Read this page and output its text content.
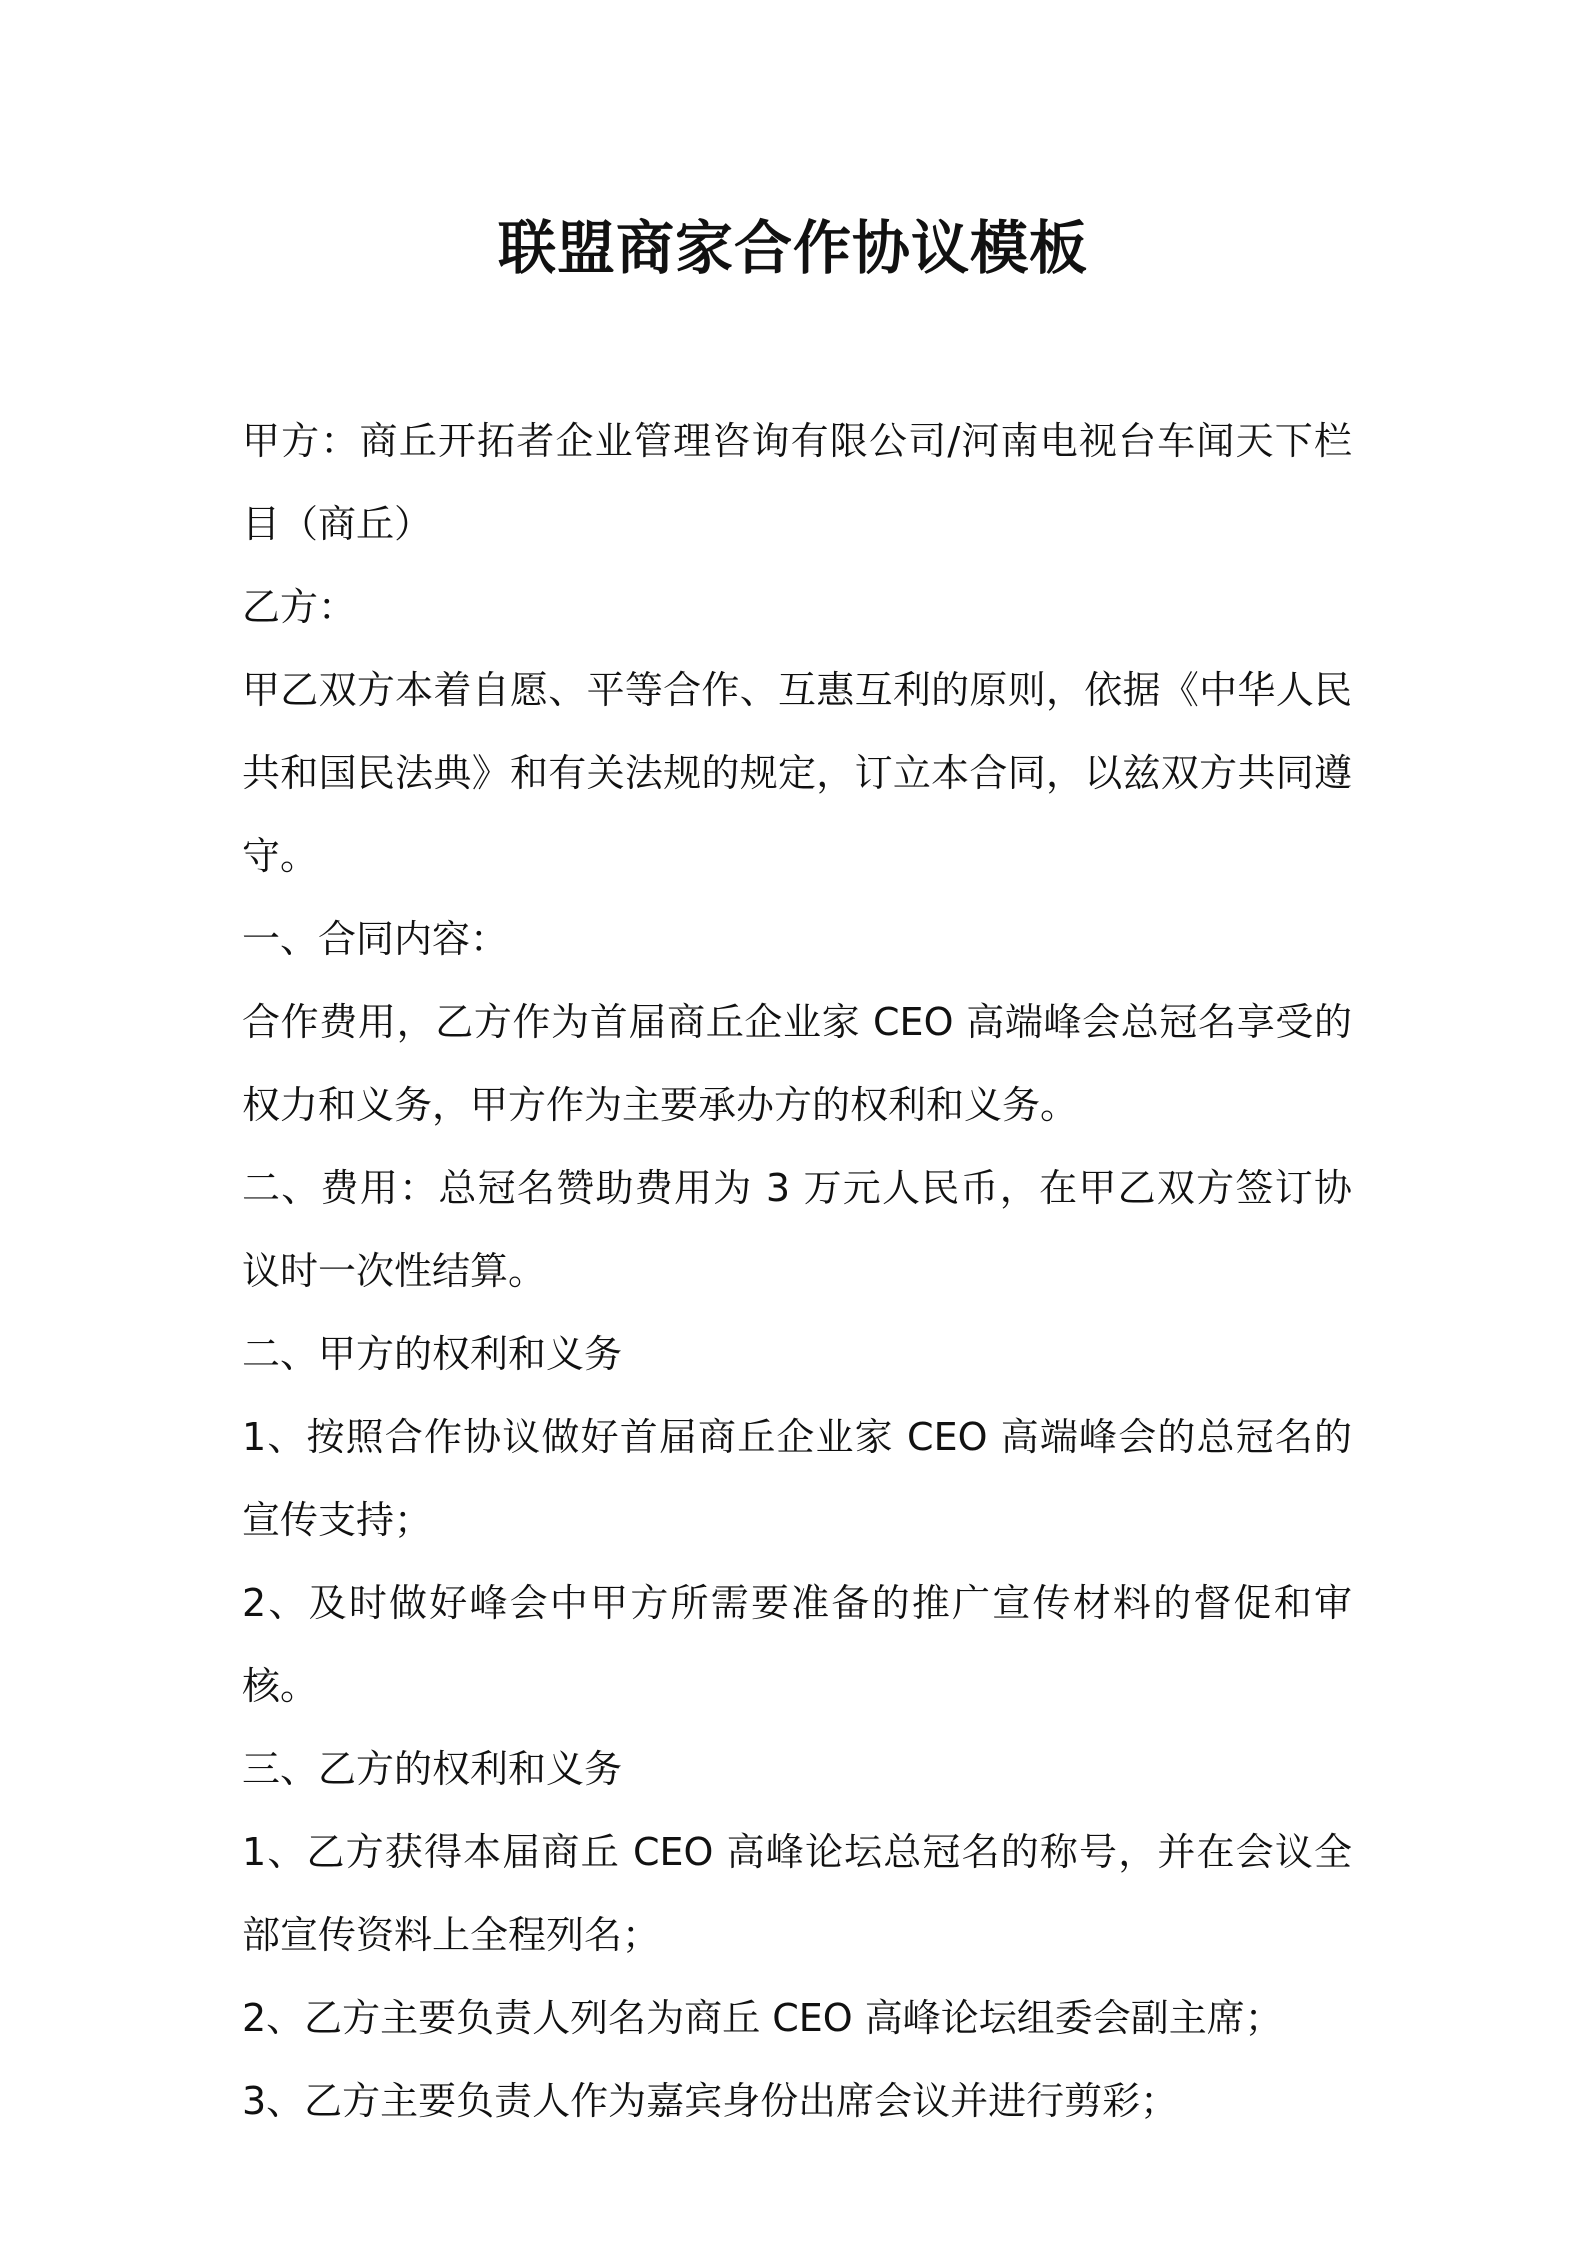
联盟商家合作协议模板

甲方：商丘开拓者企业管理咨询有限公司/河南电视台车闻天下栏目（商丘）

乙方：

甲乙双方本着自愿、平等合作、互惠互利的原则，依据《中华人民共和国民法典》和有关法规的规定，订立本合同，以兹双方共同遵守。

一、合同内容：

合作费用，乙方作为首届商丘企业家 CEO 高端峰会总冠名享受的权力和义务，甲方作为主要承办方的权利和义务。

二、费用：总冠名赞助费用为 3 万元人民币，在甲乙双方签订协议时一次性结算。

二、甲方的权利和义务

1、按照合作协议做好首届商丘企业家 CEO 高端峰会的总冠名的宣传支持；

2、及时做好峰会中甲方所需要准备的推广宣传材料的督促和审核。

三、乙方的权利和义务

1、乙方获得本届商丘 CEO 高峰论坛总冠名的称号，并在会议全部宣传资料上全程列名；

2、乙方主要负责人列名为商丘 CEO 高峰论坛组委会副主席；

3、乙方主要负责人作为嘉宾身份出席会议并进行剪彩；
